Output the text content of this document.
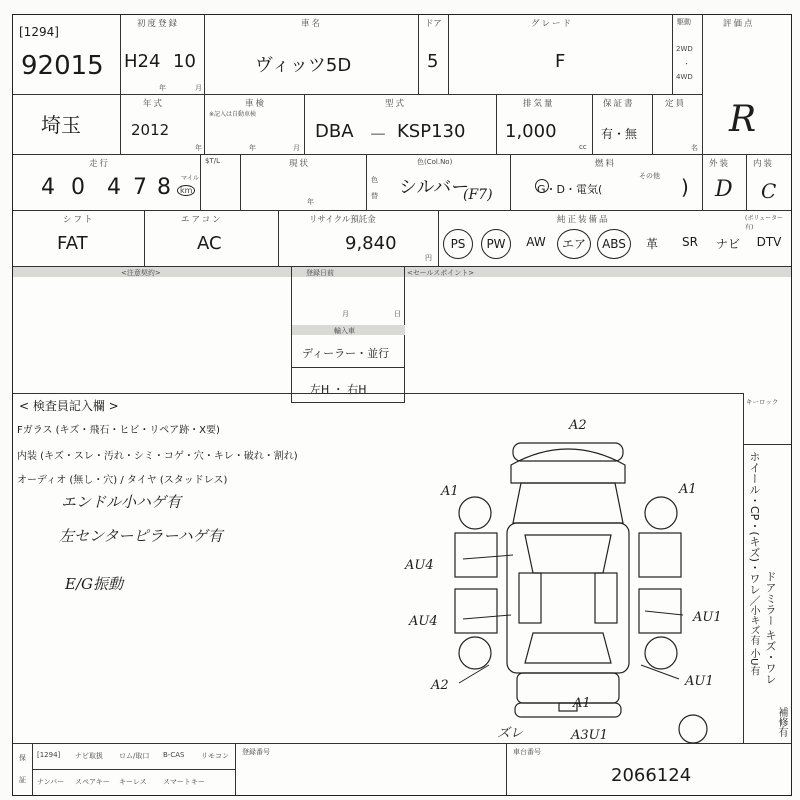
[1294]
92015
初度登録
H24 10
年	月
車名
ヴィッツ5D
ドア
5
グレード
F
駆動
2WD
・
4WD
評価点
R
埼玉
年式
2012
年
車検
※記入は自動車検
年	月
型式
DBA － KSP130
排気量
1,000
cc
保証書
有・無
定員
名
走行
4 0 4 7 8 マイル
km
$T/L	現状
年
色(Col.No)
シルバー
(F7)
色
替
燃料
G・D・電気(
その他 )
外装
D
内装
C
シフト
FAT
エアコン
AC
リサイクル預託金
9,840
円
純正装備品	(ボリューター有)
PS	PW	AW	エア	ABS	革	SR	ナビ	DTV
<注意契約>	<セールスポイント>
登録日前
月	日
輸入車
ディーラー・並行
左H ・ 右H
< 検査員記入欄 >
Fガラス (キズ・飛石・ヒビ・リペア跡・X要)
内装 (キズ・スレ・汚れ・シミ・コゲ・穴・キレ・破れ・割れ)
オーディオ (無し・穴) / タイヤ (スタッドレス)
エンドル小ハゲ有
左センターピラーハゲ有
E/G振動
キーロック
ホイール・CP・(キズ)・ワレ／
ドアミラー キズ・ワレ
小キズ有 小U有
補修有
A2
A1	A1
AU4
AU1
AU4
A2	AU1
A1
ズレ	A3U1
保
証
[1294] ナビ取扱 ロム/取口 B-CAS リモコン
ナンバー スペアキー キーレス スマートキー
登録番号	車台番号
2066124
